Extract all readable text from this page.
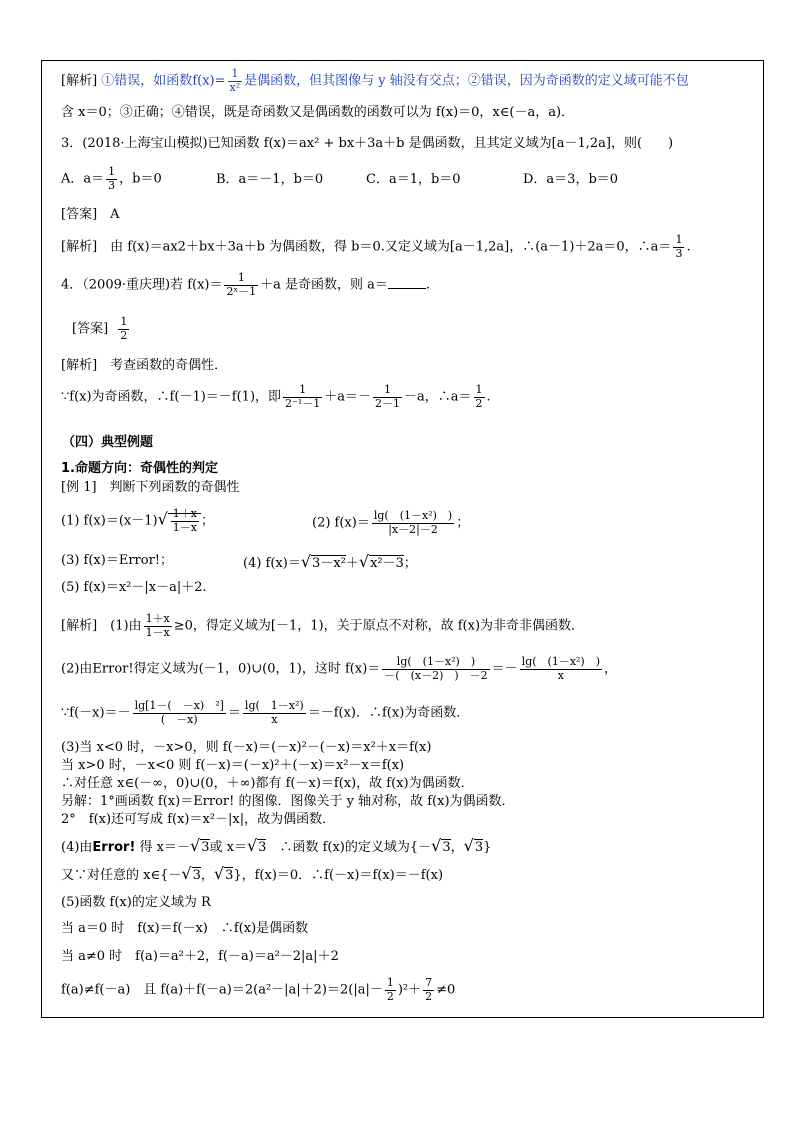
[解析] ①错误，如函数$f(x)= \frac{1}{\text{x²}}$ 是偶函数，但其图像与 y 轴没有交点；②错误，因为奇函数的定义域可能不包
含 x＝0；③正确；④错误，既是奇函数又是偶函数的函数可以为 f(x)＝0，x∈(－a，a)．
3．(2018·上海宝山模拟)已知函数 f(x)＝ax² + bx＋3a＋b 是偶函数，且其定义域为[a－1,2a]，则(　　)
A．$a= \frac{1}{3}$ ，b＝0	B．a＝－1，b＝0	C．a＝1，b＝0	D．a＝3，b＝0
[答案]　A
[解析]　由 f(x)＝ax2＋bx＋3a＋b 为偶函数，得 b＝0.又定义域为[a－1,2a]，∴(a－1)＋2a＝0，∴a＝ $\frac{1}{3}$ .
4．（2009·重庆理)若 $f(x)= \frac{1}{\text{2ˣ－1}} +a$ 是奇函数，则 a＝	.
[答案] $\frac{1}{2}$
[解析]　考查函数的奇偶性．
∵f(x)为奇函数，∴f(－1)＝－f(1)，即 $\frac{1}{\text{2⁻¹－1}} +a=- \frac{1}{2-1} -a$，∴a＝ $\frac{1}{2}$ .
（四）典型例题
1.命题方向：奇偶性的判定
[例 1]　判断下列函数的奇偶性
(1) $f(x)=(x-1)√ \frac{1+x}{1-x}$ ；	(2) $f(x)= \frac{\text{lg(　(1－x²)　)}}{|x-2|-2}$ ；
(3) f(x)＝Error!；	(4) f(x)＝√3－x²＋√x²－3；
(5) f(x)＝x²－|x－a|＋2.
[解析]　(1)由 $\frac{1+x}{1-x} \ge 0$，得定义域为[－1，1)，关于原点不对称，故 f(x)为非奇非偶函数．
(2)由Error!得定义域为(－1，0)∪(0，1)，这时 $f(x)= \frac{\text{lg(　(1－x²)　)}}{-( (x-2) ) -2} =- \frac{\text{lg(　(1－x²)　)}}{x}$ ，
∵f(－x)＝－ $\frac{\text{lg[1－(　－x)　²]}}{( -x)} = \frac{\text{lg(　1－x²)}}{x} =-f(x)$．∴f(x)为奇函数．
(3)当 x<0 时，－x>0，则 f(－x)＝(－x)²－(－x)＝x²＋x＝f(x)
当 x>0 时，－x<0 则 f(－x)＝(－x)²＋(－x)＝x²－x＝f(x)
∴对任意 x∈(－∞，0)∪(0，＋∞)都有 f(－x)＝f(x)，故 f(x)为偶函数．
另解：1°画函数 f(x)＝Error! 的图像．图像关于 y 轴对称，故 f(x)为偶函数．
2°　f(x)还可写成 f(x)＝x²－|x|，故为偶函数．
(4)由Error! 得 x＝－√3或 x＝√3　∴函数 f(x)的定义域为{－√3，√3}
又∵对任意的 x∈{－√3，√3}，f(x)＝0．∴f(－x)＝f(x)＝－f(x)
(5)函数 f(x)的定义域为 R
当 a＝0 时　f(x)＝f(－x)　∴f(x)是偶函数
当 a≠0 时　f(a)＝a²＋2，f(－a)＝a²－2|a|＋2
f(a)≠f(－a)　且 $f(a)+f(-a)=2(a^2-|a|+2)=2(|a|- \frac{1}{2} )^2+ \frac{7}{2} \ne 0$
